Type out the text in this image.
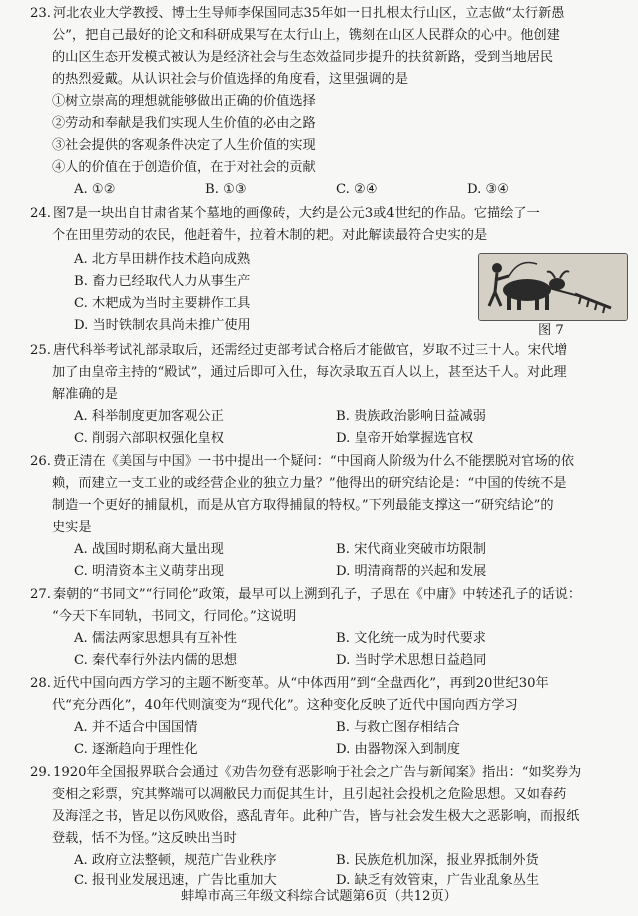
23. 河北农业大学教授、博士生导师李保国同志35年如一日扎根太行山区，立志做“太行新愚
公”，把自己最好的论文和科研成果写在太行山上，镌刻在山区人民群众的心中。他创建
的山区生态开发模式被认为是经济社会与生态效益同步提升的扶贫新路，受到当地居民
的热烈爱戴。从认识社会与价值选择的角度看，这里强调的是
①树立崇高的理想就能够做出正确的价值选择
②劳动和奉献是我们实现人生价值的必由之路
③社会提供的客观条件决定了人生价值的实现
④人的价值在于创造价值，在于对社会的贡献
A. ①②	B. ①③	C. ②④	D. ③④
24. 图7是一块出自甘肃省某个墓地的画像砖，大约是公元3或4世纪的作品。它描绘了一
个在田里劳动的农民，他赶着牛，拉着木制的耙。对此解读最符合史实的是
A. 北方旱田耕作技术趋向成熟
B. 畜力已经取代人力从事生产
C. 木耙成为当时主要耕作工具
D. 当时铁制农具尚未推广使用	图 7
25. 唐代科举考试礼部录取后，还需经过吏部考试合格后才能做官，岁取不过三十人。宋代增
加了由皇帝主持的“殿试”，通过后即可入仕，每次录取五百人以上，甚至达千人。对此理
解准确的是
A. 科举制度更加客观公正	B. 贵族政治影响日益减弱
C. 削弱六部职权强化皇权	D. 皇帝开始掌握选官权
26. 费正清在《美国与中国》一书中提出一个疑问：“中国商人阶级为什么不能摆脱对官场的依
赖，而建立一支工业的或经营企业的独立力量？”他得出的研究结论是：“中国的传统不是
制造一个更好的捕鼠机，而是从官方取得捕鼠的特权。”下列最能支撑这一“研究结论”的
史实是
A. 战国时期私商大量出现	B. 宋代商业突破市坊限制
C. 明清资本主义萌芽出现	D. 明清商帮的兴起和发展
27. 秦朝的“书同文”“行同伦”政策，最早可以上溯到孔子，子思在《中庸》中转述孔子的话说：
“今天下车同轨，书同文，行同伦。”这说明
A. 儒法两家思想具有互补性	B. 文化统一成为时代要求
C. 秦代奉行外法内儒的思想	D. 当时学术思想日益趋同
28. 近代中国向西方学习的主题不断变革。从“中体西用”到“全盘西化”，再到20世纪30年
代“充分西化”，40年代则演变为“现代化”。这种变化反映了近代中国向西方学习
A. 并不适合中国国情	B. 与救亡图存相结合
C. 逐渐趋向于理性化	D. 由器物深入到制度
29. 1920年全国报界联合会通过《劝告勿登有恶影响于社会之广告与新闻案》指出：“如奖券为
变相之彩票，究其弊端可以凋敝民力而促其生计，且引起社会投机之危险思想。又如春药
及海淫之书，皆足以伤风败俗，惑乱青年。此种广告，皆与社会发生极大之恶影响，而报纸
登载，恬不为怪。”这反映出当时
A. 政府立法整顿，规范广告业秩序	B. 民族危机加深，报业界抵制外货
C. 报刊业发展迅速，广告比重加大	D. 缺乏有效管束，广告业乱象丛生
蚌埠市高三年级文科综合试题第6页（共12页）
